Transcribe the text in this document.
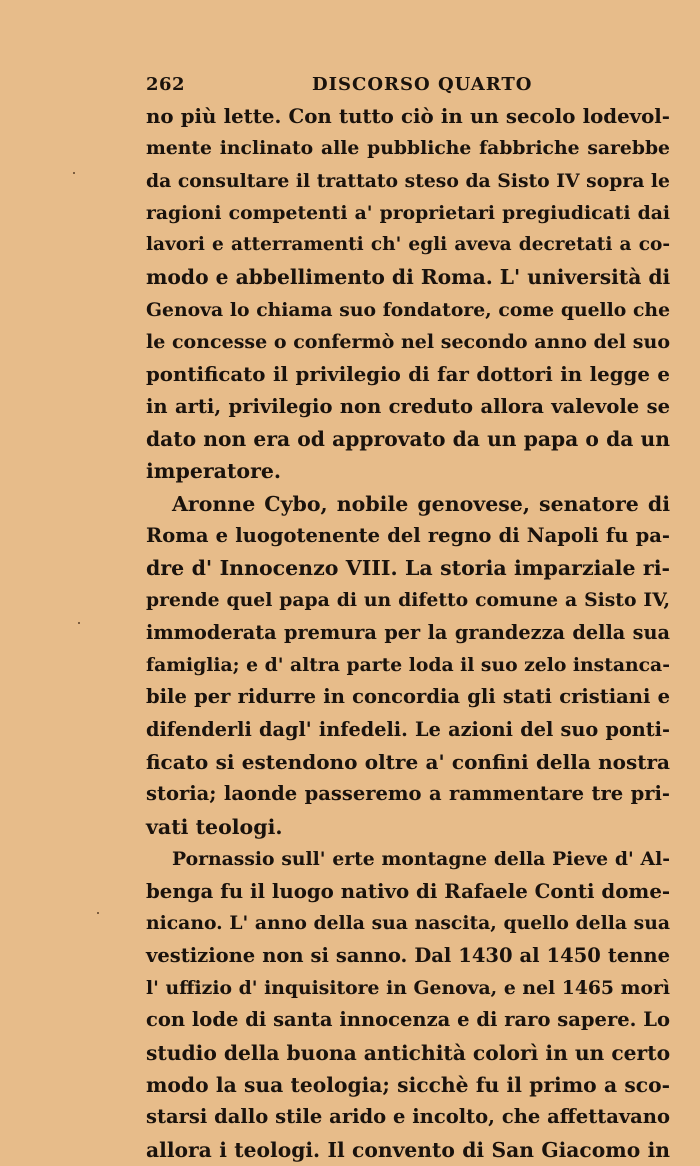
262	DISCORSO QUARTO
no più lette. Con tutto ciò in un secolo lodevol-
mente inclinato alle pubbliche fabbriche sarebbe
da consultare il trattato steso da Sisto IV sopra le
ragioni competenti a' proprietari pregiudicati dai
lavori e atterramenti ch' egli aveva decretati a co-
modo e abbellimento di Roma. L' università di
Genova lo chiama suo fondatore, come quello che
le concesse o confermò nel secondo anno del suo
pontificato il privilegio di far dottori in legge e
in arti, privilegio non creduto allora valevole se
dato non era od approvato da un papa o da un
imperatore.
Aronne Cybo, nobile genovese, senatore di
Roma e luogotenente del regno di Napoli fu pa-
dre d' Innocenzo VIII. La storia imparziale ri-
prende quel papa di un difetto comune a Sisto IV,
immoderata premura per la grandezza della sua
famiglia; e d' altra parte loda il suo zelo instanca-
bile per ridurre in concordia gli stati cristiani e
difenderli dagl' infedeli. Le azioni del suo ponti-
ficato si estendono oltre a' confini della nostra
storia; laonde passeremo a rammentare tre pri-
vati teologi.
Pornassio sull' erte montagne della Pieve d' Al-
benga fu il luogo nativo di Rafaele Conti dome-
nicano. L' anno della sua nascita, quello della sua
vestizione non si sanno. Dal 1430 al 1450 tenne
l' uffizio d' inquisitore in Genova, e nel 1465 morì
con lode di santa innocenza e di raro sapere. Lo
studio della buona antichità colorì in un certo
modo la sua teologia; sicchè fu il primo a sco-
starsi dallo stile arido e incolto, che affettavano
allora i teologi. Il convento di San Giacomo in
